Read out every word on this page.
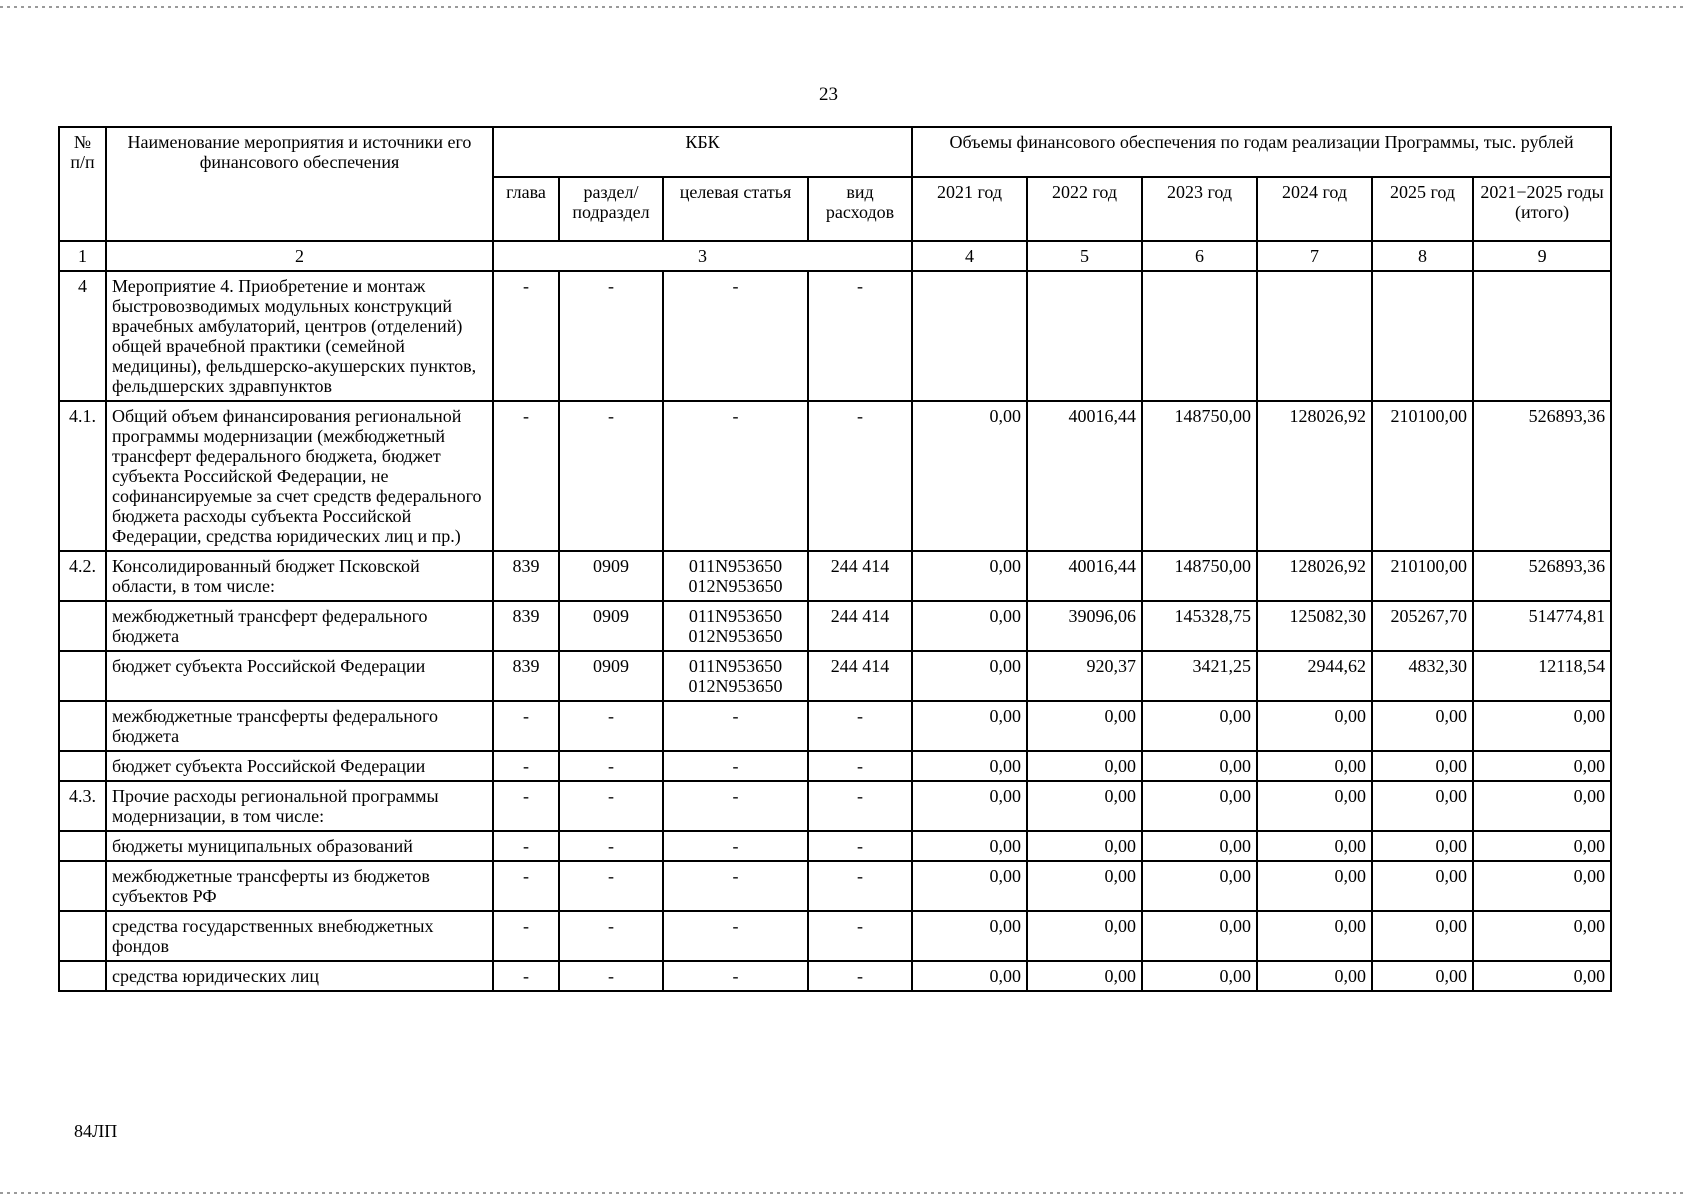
23
№ п/п	Наименование мероприятия и источники его финансового обеспечения	КБК				Объемы финансового обеспечения по годам реализации Программы, тыс. рублей					
		глава	раздел/ подраздел	целевая статья	вид расходов	2021 год	2022 год	2023 год	2024 год	2025 год	2021−2025 годы (итого)
1	2	3				4	5	6	7	8	9
4	Мероприятие 4. Приобретение и монтаж быстровозводимых модульных конструкций врачебных амбулаторий, центров (отделений) общей врачебной практики (семейной медицины), фельдшерско-акушерских пунктов, фельдшерских здравпунктов	-	-	-	-						
4.1.	Общий объем финансирования региональной программы модернизации (межбюджетный трансферт федерального бюджета, бюджет субъекта Российской Федерации, не софинансируемые за счет средств федерального бюджета расходы субъекта Российской Федерации, средства юридических лиц и пр.)	-	-	-	-	0,00	40016,44	148750,00	128026,92	210100,00	526893,36
4.2.	Консолидированный бюджет Псковской области, в том числе:	839	0909	011N953650 012N953650	244 414	0,00	40016,44	148750,00	128026,92	210100,00	526893,36
	межбюджетный трансферт федерального бюджета	839	0909	011N953650 012N953650	244 414	0,00	39096,06	145328,75	125082,30	205267,70	514774,81
	бюджет субъекта Российской Федерации	839	0909	011N953650 012N953650	244 414	0,00	920,37	3421,25	2944,62	4832,30	12118,54
	межбюджетные трансферты федерального бюджета	-	-	-	-	0,00	0,00	0,00	0,00	0,00	0,00
	бюджет субъекта Российской Федерации	-	-	-	-	0,00	0,00	0,00	0,00	0,00	0,00
4.3.	Прочие расходы региональной программы модернизации, в том числе:	-	-	-	-	0,00	0,00	0,00	0,00	0,00	0,00
	бюджеты муниципальных образований	-	-	-	-	0,00	0,00	0,00	0,00	0,00	0,00
	межбюджетные трансферты из бюджетов субъектов РФ	-	-	-	-	0,00	0,00	0,00	0,00	0,00	0,00
	средства государственных внебюджетных фондов	-	-	-	-	0,00	0,00	0,00	0,00	0,00	0,00
	средства юридических лиц	-	-	-	-	0,00	0,00	0,00	0,00	0,00	0,00
84ЛП
